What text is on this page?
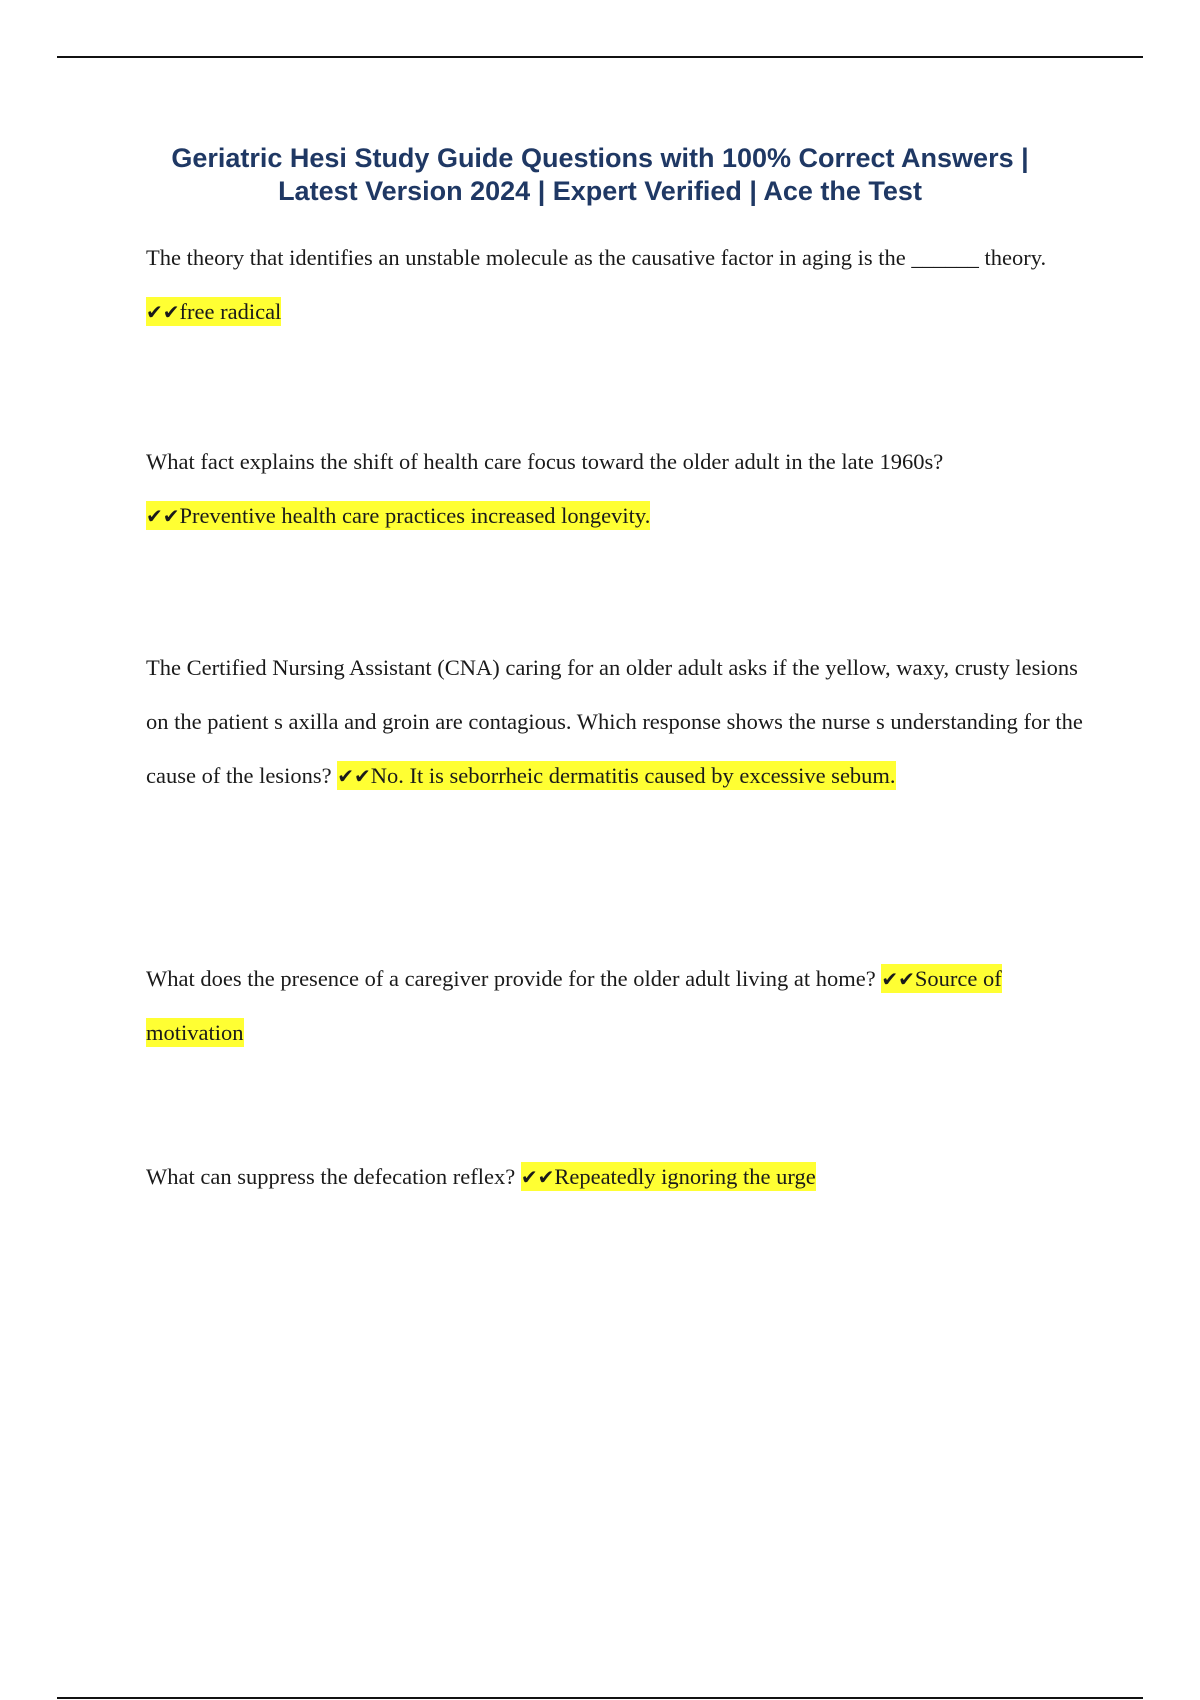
Geriatric Hesi Study Guide Questions with 100% Correct Answers |
Latest Version 2024 | Expert Verified | Ace the Test
The theory that identifies an unstable molecule as the causative factor in aging is the ______ theory. ✔✔free radical
What fact explains the shift of health care focus toward the older adult in the late 1960s?
✔✔Preventive health care practices increased longevity.
The Certified Nursing Assistant (CNA) caring for an older adult asks if the yellow, waxy, crusty lesions on the patient s axilla and groin are contagious. Which response shows the nurse s understanding for the cause of the lesions? ✔✔No. It is seborrheic dermatitis caused by excessive sebum.
What does the presence of a caregiver provide for the older adult living at home? ✔✔Source of motivation
What can suppress the defecation reflex? ✔✔Repeatedly ignoring the urge
